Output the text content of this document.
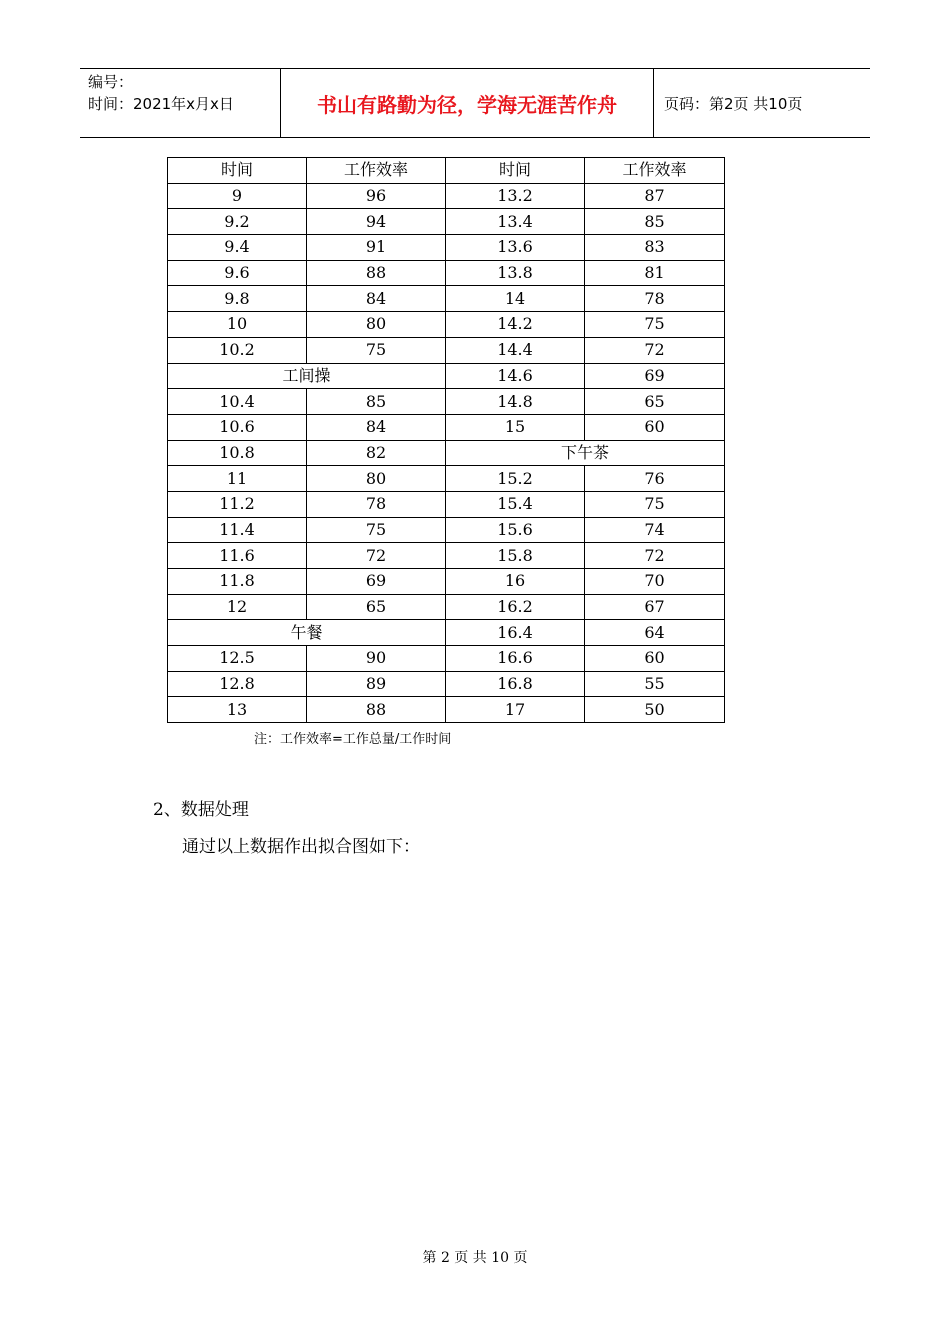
编号：
时间：2021年x月x日	书山有路勤为径，学海无涯苦作舟	页码：第2页 共10页
时间	工作效率	时间	工作效率
9	96	13.2	87
9.2	94	13.4	85
9.4	91	13.6	83
9.6	88	13.8	81
9.8	84	14	78
10	80	14.2	75
10.2	75	14.4	72
工间操		14.6	69
10.4	85	14.8	65
10.6	84	15	60
10.8	82	下午茶	
11	80	15.2	76
11.2	78	15.4	75
11.4	75	15.6	74
11.6	72	15.8	72
11.8	69	16	70
12	65	16.2	67
午餐		16.4	64
12.5	90	16.6	60
12.8	89	16.8	55
13	88	17	50
注：工作效率=工作总量/工作时间
2、数据处理
通过以上数据作出拟合图如下：
第 2 页 共 10 页
